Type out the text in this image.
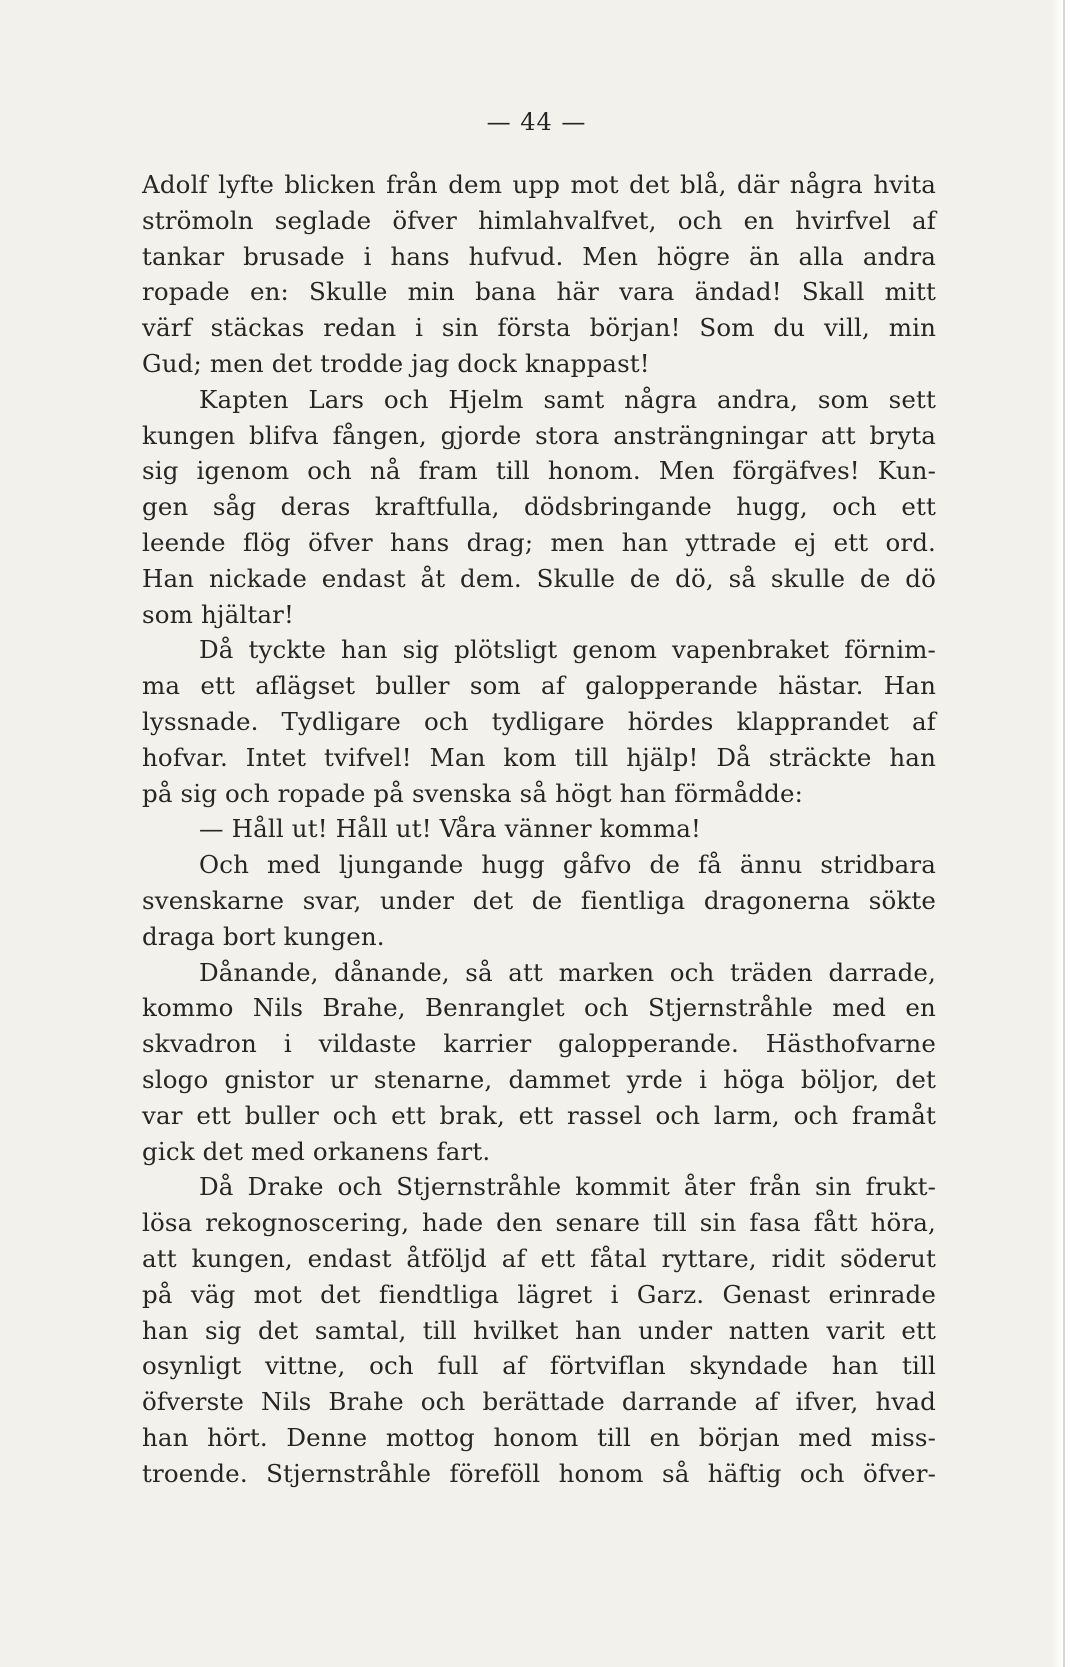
— 44 —
Adolf lyfte blicken från dem upp mot det blå, där några hvita
strömoln seglade öfver himlahvalfvet, och en hvirfvel af
tankar brusade i hans hufvud. Men högre än alla andra
ropade en: Skulle min bana här vara ändad! Skall mitt
värf stäckas redan i sin första början! Som du vill, min
Gud; men det trodde jag dock knappast!
Kapten Lars och Hjelm samt några andra, som sett
kungen blifva fången, gjorde stora ansträngningar att bryta
sig igenom och nå fram till honom. Men förgäfves! Kun-
gen såg deras kraftfulla, dödsbringande hugg, och ett
leende flög öfver hans drag; men han yttrade ej ett ord.
Han nickade endast åt dem. Skulle de dö, så skulle de dö
som hjältar!
Då tyckte han sig plötsligt genom vapenbraket förnim-
ma ett aflägset buller som af galopperande hästar. Han
lyssnade. Tydligare och tydligare hördes klapprandet af
hofvar. Intet tvifvel! Man kom till hjälp! Då sträckte han
på sig och ropade på svenska så högt han förmådde:
— Håll ut! Håll ut! Våra vänner komma!
Och med ljungande hugg gåfvo de få ännu stridbara
svenskarne svar, under det de fientliga dragonerna sökte
draga bort kungen.
Dånande, dånande, så att marken och träden darrade,
kommo Nils Brahe, Benranglet och Stjernstråhle med en
skvadron i vildaste karrier galopperande. Hästhofvarne
slogo gnistor ur stenarne, dammet yrde i höga böljor, det
var ett buller och ett brak, ett rassel och larm, och framåt
gick det med orkanens fart.
Då Drake och Stjernstråhle kommit åter från sin frukt-
lösa rekognoscering, hade den senare till sin fasa fått höra,
att kungen, endast åtföljd af ett fåtal ryttare, ridit söderut
på väg mot det fiendtliga lägret i Garz. Genast erinrade
han sig det samtal, till hvilket han under natten varit ett
osynligt vittne, och full af förtviflan skyndade han till
öfverste Nils Brahe och berättade darrande af ifver, hvad
han hört. Denne mottog honom till en början med miss-
troende. Stjernstråhle föreföll honom så häftig och öfver-
